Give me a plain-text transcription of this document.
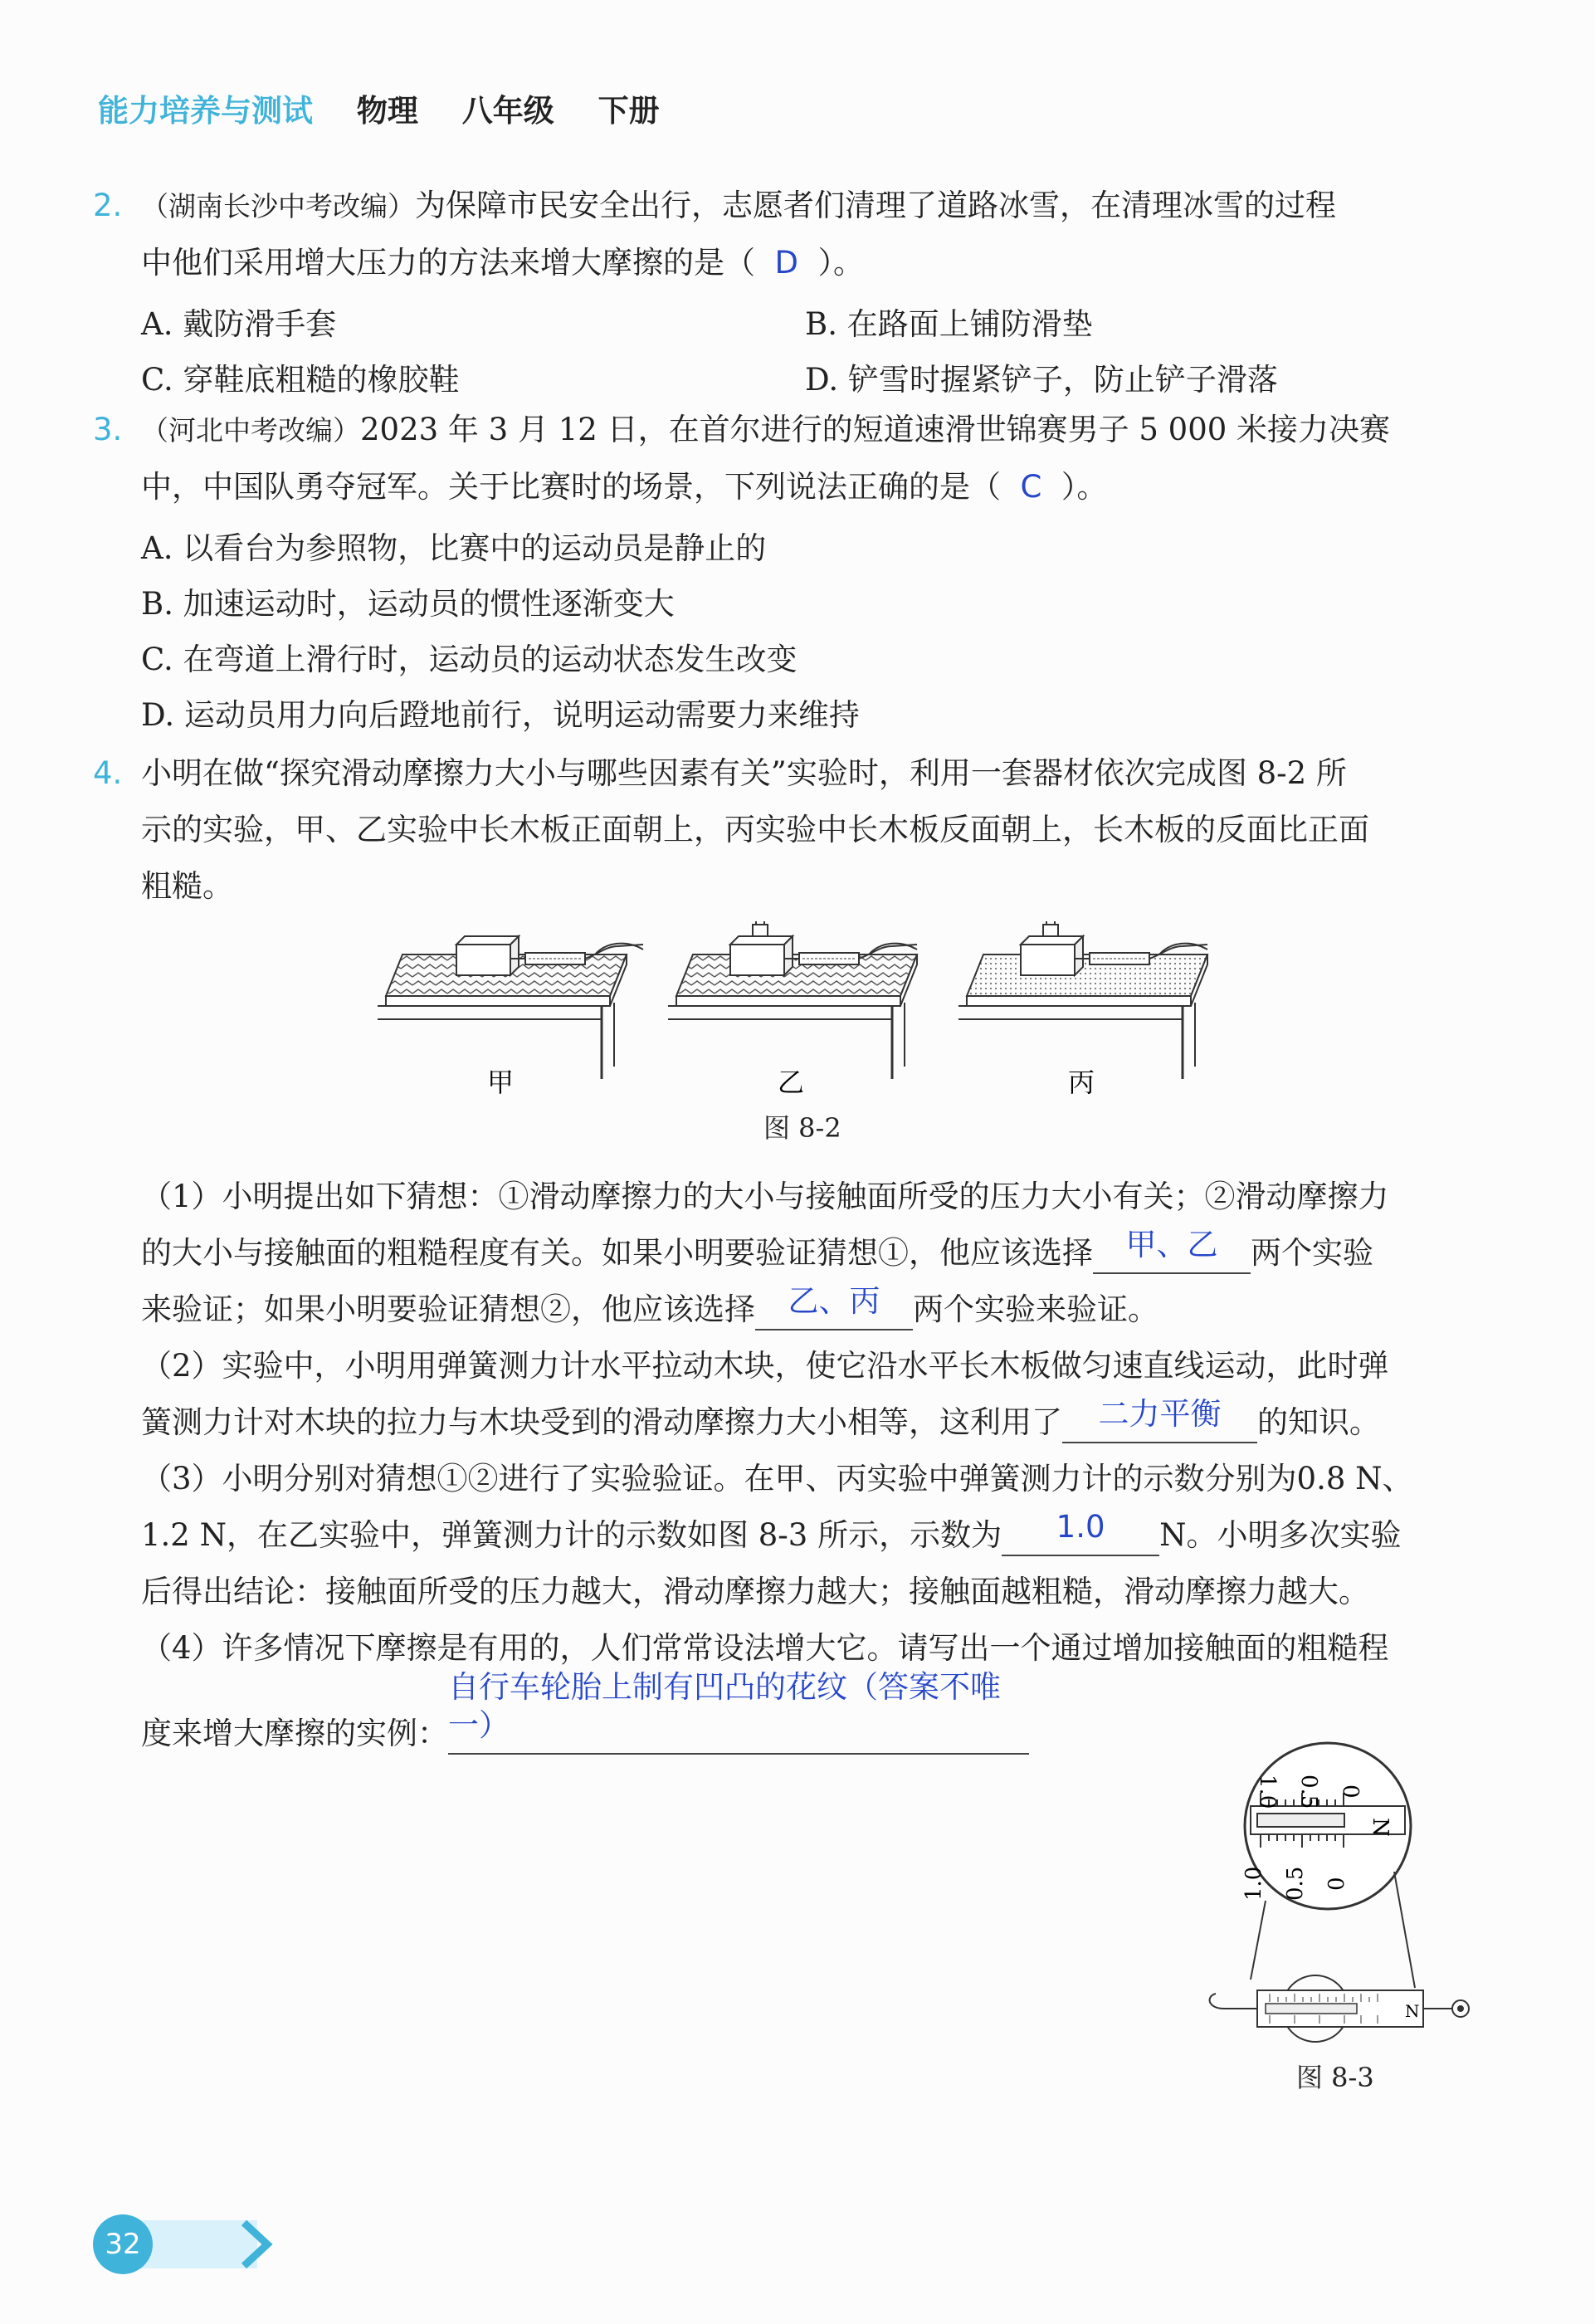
能力培养与测试 物理 八年级 下册
2. （湖南长沙中考改编）为保障市民安全出行，志愿者们清理了道路冰雪，在清理冰雪的过程
中他们采用增大压力的方法来增大摩擦的是（ D ）。
A. 戴防滑手套	B. 在路面上铺防滑垫
C. 穿鞋底粗糙的橡胶鞋	D. 铲雪时握紧铲子，防止铲子滑落
3. （河北中考改编）2023 年 3 月 12 日，在首尔进行的短道速滑世锦赛男子 5 000 米接力决赛
中，中国队勇夺冠军。关于比赛时的场景，下列说法正确的是（ C ）。
A. 以看台为参照物，比赛中的运动员是静止的
B. 加速运动时，运动员的惯性逐渐变大
C. 在弯道上滑行时，运动员的运动状态发生改变
D. 运动员用力向后蹬地前行，说明运动需要力来维持
4. 小明在做“探究滑动摩擦力大小与哪些因素有关”实验时，利用一套器材依次完成图 8-2 所
示的实验，甲、乙实验中长木板正面朝上，丙实验中长木板反面朝上，长木板的反面比正面
粗糙。
甲	乙	丙
图 8-2
（1）小明提出如下猜想：①滑动摩擦力的大小与接触面所受的压力大小有关；②滑动摩擦力
的大小与接触面的粗糙程度有关。如果小明要验证猜想①，他应该选择 甲、乙 两个实验
来验证；如果小明要验证猜想②，他应该选择 乙、丙 两个实验来验证。
（2）实验中，小明用弹簧测力计水平拉动木块，使它沿水平长木板做匀速直线运动，此时弹
簧测力计对木块的拉力与木块受到的滑动摩擦力大小相等，这利用了 二力平衡 的知识。
（3）小明分别对猜想①②进行了实验验证。在甲、丙实验中弹簧测力计的示数分别为0.8 N、
1.2 N，在乙实验中，弹簧测力计的示数如图 8-3 所示，示数为 1.0 N。小明多次实验
后得出结论：接触面所受的压力越大，滑动摩擦力越大；接触面越粗糙，滑动摩擦力越大。
（4）许多情况下摩擦是有用的，人们常常设法增大它。请写出一个通过增加接触面的粗糙程
度来增大摩擦的实例：自行车轮胎上制有凹凸的花纹（答案不唯一）
0
0.5
1.0
0
0.5
1.0
N
N
图 8-3
32
